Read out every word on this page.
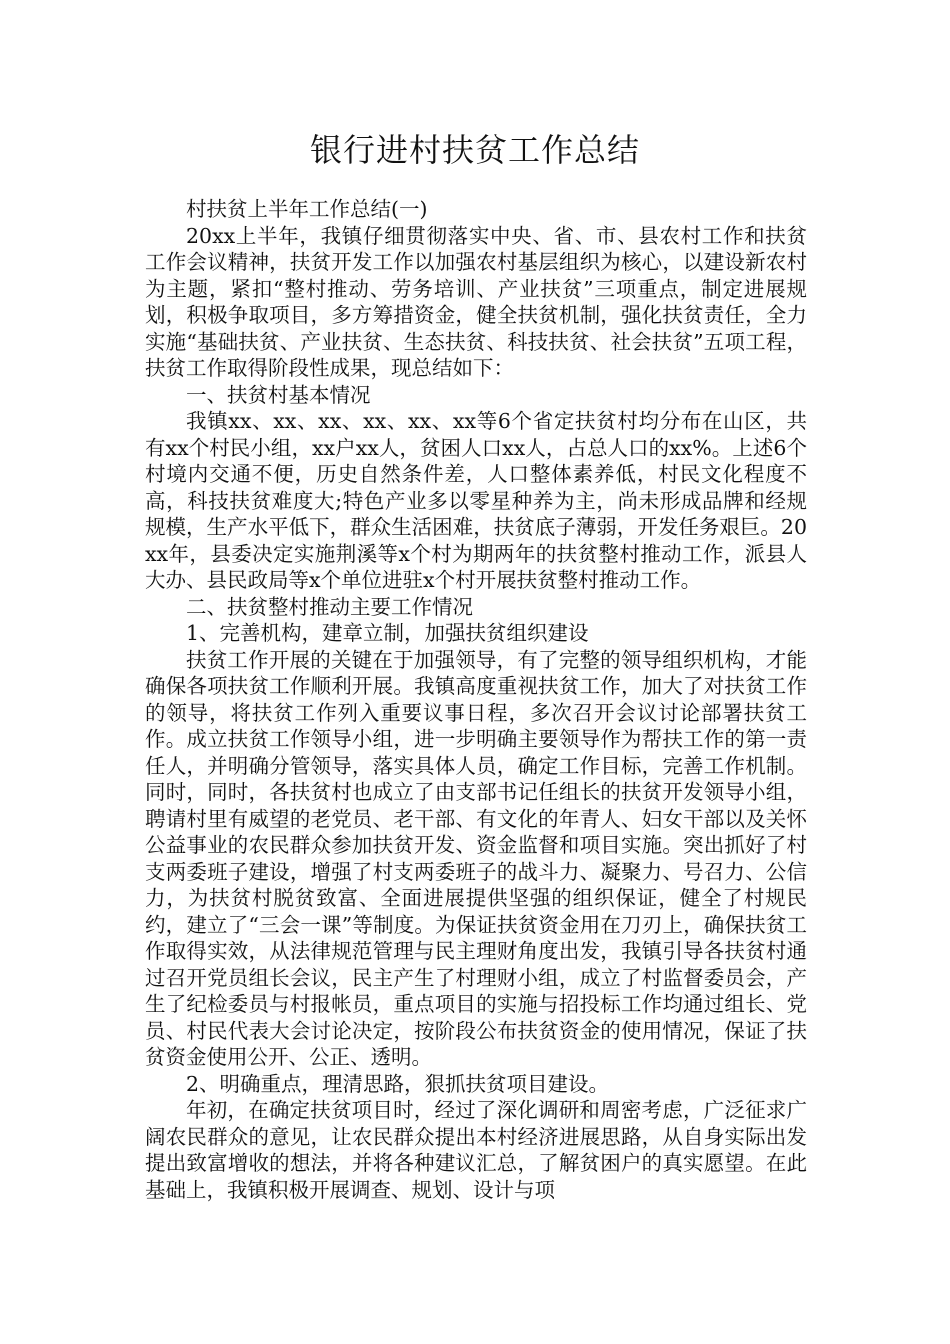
银行进村扶贫工作总结

村扶贫上半年工作总结(一)

20xx上半年，我镇仔细贯彻落实中央、省、市、县农村工作和扶贫工作会议精神，扶贫开发工作以加强农村基层组织为核心，以建设新农村为主题，紧扣“整村推动、劳务培训、产业扶贫”三项重点，制定进展规划，积极争取项目，多方筹措资金，健全扶贫机制，强化扶贫责任，全力实施“基础扶贫、产业扶贫、生态扶贫、科技扶贫、社会扶贫”五项工程，扶贫工作取得阶段性成果，现总结如下：

一、扶贫村基本情况

我镇xx、xx、xx、xx、xx、xx等6个省定扶贫村均分布在山区，共有xx个村民小组，xx户xx人，贫困人口xx人，占总人口的xx%。上述6个村境内交通不便，历史自然条件差，人口整体素养低，村民文化程度不高，科技扶贫难度大;特色产业多以零星种养为主，尚未形成品牌和经规规模，生产水平低下，群众生活困难，扶贫底子薄弱，开发任务艰巨。20xx年，县委决定实施荆溪等x个村为期两年的扶贫整村推动工作，派县人大办、县民政局等x个单位进驻x个村开展扶贫整村推动工作。

二、扶贫整村推动主要工作情况

1、完善机构，建章立制，加强扶贫组织建设

扶贫工作开展的关键在于加强领导，有了完整的领导组织机构，才能确保各项扶贫工作顺利开展。我镇高度重视扶贫工作，加大了对扶贫工作的领导，将扶贫工作列入重要议事日程，多次召开会议讨论部署扶贫工作。成立扶贫工作领导小组，进一步明确主要领导作为帮扶工作的第一责任人，并明确分管领导，落实具体人员，确定工作目标，完善工作机制。同时，同时，各扶贫村也成立了由支部书记任组长的扶贫开发领导小组，聘请村里有威望的老党员、老干部、有文化的年青人、妇女干部以及关怀公益事业的农民群众参加扶贫开发、资金监督和项目实施。突出抓好了村支两委班子建设，增强了村支两委班子的战斗力、凝聚力、号召力、公信力，为扶贫村脱贫致富、全面进展提供坚强的组织保证，健全了村规民约，建立了“三会一课”等制度。为保证扶贫资金用在刀刃上，确保扶贫工作取得实效，从法律规范管理与民主理财角度出发，我镇引导各扶贫村通过召开党员组长会议，民主产生了村理财小组，成立了村监督委员会，产生了纪检委员与村报帐员，重点项目的实施与招投标工作均通过组长、党员、村民代表大会讨论决定，按阶段公布扶贫资金的使用情况，保证了扶贫资金使用公开、公正、透明。

2、明确重点，理清思路，狠抓扶贫项目建设。

年初，在确定扶贫项目时，经过了深化调研和周密考虑，广泛征求广阔农民群众的意见，让农民群众提出本村经济进展思路，从自身实际出发提出致富增收的想法，并将各种建议汇总，了解贫困户的真实愿望。在此基础上，我镇积极开展调查、规划、设计与项
